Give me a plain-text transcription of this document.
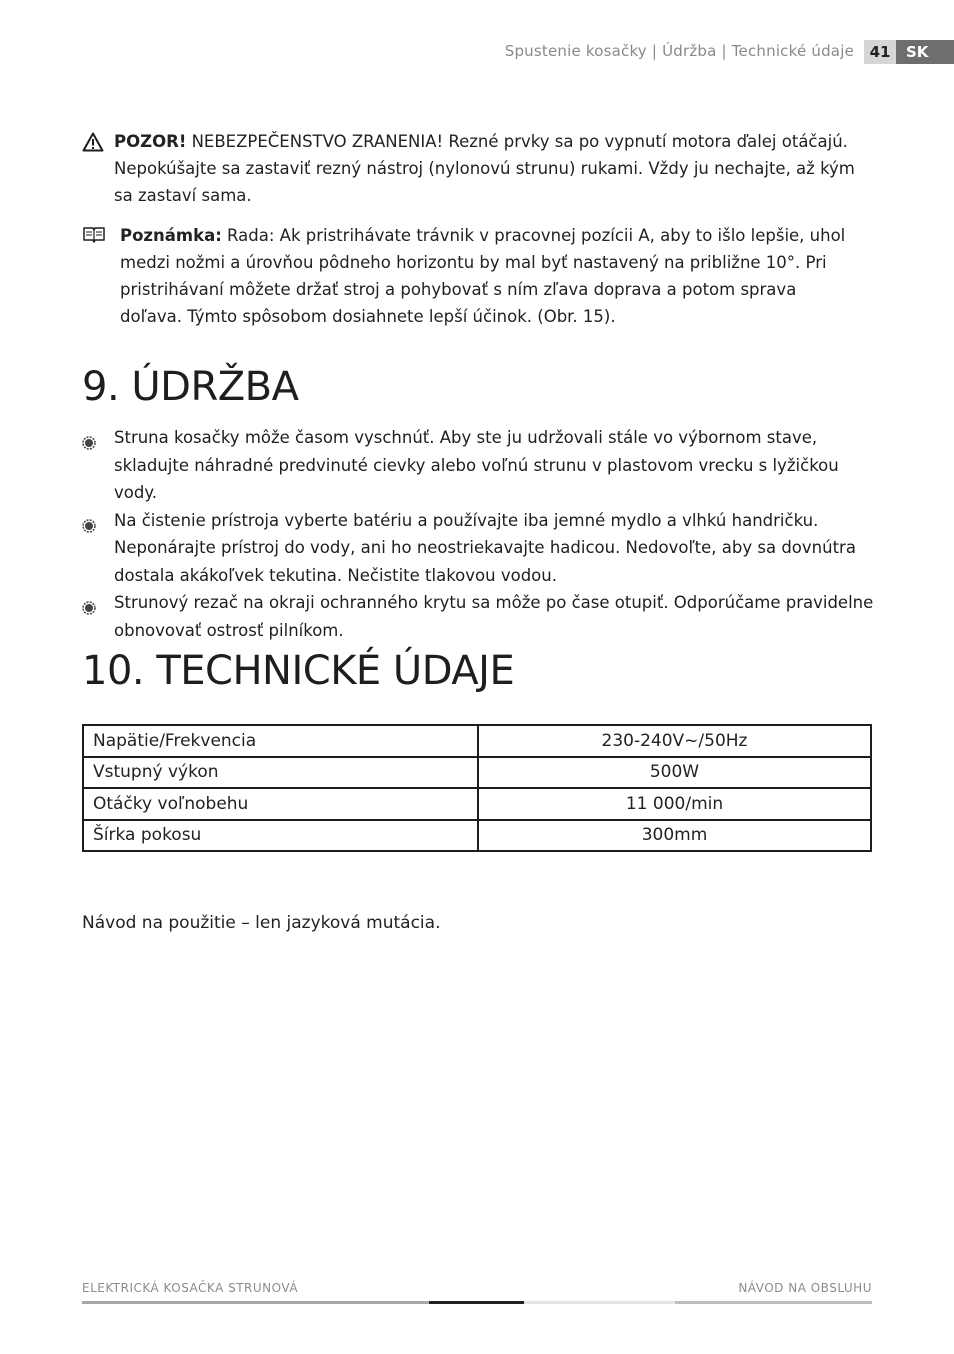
Spustenie kosačky | Údržba | Technické údaje	41	SK
POZOR! NEBEZPEČENSTVO ZRANENIA! Rezné prvky sa po vypnutí motora ďalej otáčajú. Nepokúšajte sa zastaviť rezný nástroj (nylonovú strunu) rukami. Vždy ju nechajte, až kým sa zastaví sama.
Poznámka: Rada: Ak pristrihávate trávnik v pracovnej pozícii A, aby to išlo lepšie, uhol medzi nožmi a úrovňou pôdneho horizontu by mal byť nastavený na približne 10°. Pri pristrihávaní môžete držať stroj a pohybovať s ním zľava doprava a potom sprava doľava. Týmto spôsobom dosiahnete lepší účinok. (Obr. 15).
9. ÚDRŽBA
Struna kosačky môže časom vyschnúť. Aby ste ju udržovali stále vo výbornom stave, skladujte náhradné predvinuté cievky alebo voľnú strunu v plastovom vrecku s lyžičkou vody.
Na čistenie prístroja vyberte batériu a používajte iba jemné mydlo a vlhkú handričku. Neponárajte prístroj do vody, ani ho neostriekavajte hadicou. Nedovoľte, aby sa dovnútra dostala akákoľvek tekutina. Nečistite tlakovou vodou.
Strunový rezač na okraji ochranného krytu sa môže po čase otupiť. Odporúčame pravidelne obnovovať ostrosť pilníkom.
10. TECHNICKÉ ÚDAJE
Napätie/Frekvencia	230-240V~/50Hz
Vstupný výkon	500W
Otáčky voľnobehu	11 000/min
Šírka pokosu	300mm
Návod na použitie – len jazyková mutácia.
ELEKTRICKÁ KOSAČKA STRUNOVÁ	NÁVOD NA OBSLUHU
